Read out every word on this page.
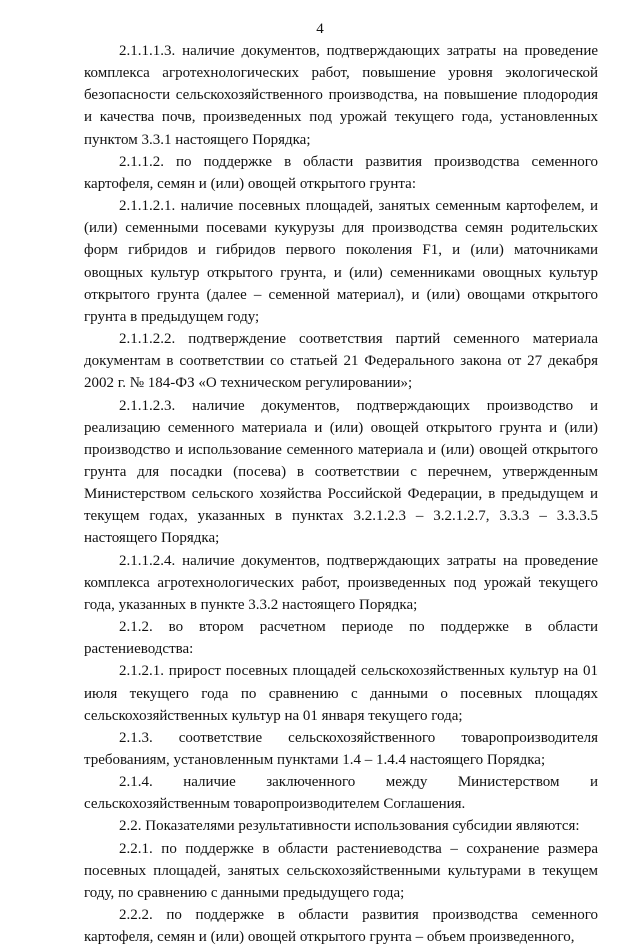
4

2.1.1.1.3. наличие документов, подтверждающих затраты на проведение комплекса агротехнологических работ, повышение уровня экологической безопасности сельскохозяйственного производства, на повышение плодородия и качества почв, произведенных под урожай текущего года, установленных пунктом 3.3.1 настоящего Порядка;

2.1.1.2. по поддержке в области развития производства семенного картофеля, семян и (или) овощей открытого грунта:

2.1.1.2.1. наличие посевных площадей, занятых семенным картофелем, и (или) семенными посевами кукурузы для производства семян родительских форм гибридов и гибридов первого поколения F1, и (или) маточниками овощных культур открытого грунта, и (или) семенниками овощных культур открытого грунта (далее – семенной материал), и (или) овощами открытого грунта в предыдущем году;

2.1.1.2.2. подтверждение соответствия партий семенного материала документам в соответствии со статьей 21 Федерального закона от 27 декабря 2002 г. № 184-ФЗ «О техническом регулировании»;

2.1.1.2.3. наличие документов, подтверждающих производство и реализацию семенного материала и (или) овощей открытого грунта и (или) производство и использование семенного материала и (или) овощей открытого грунта для посадки (посева) в соответствии с перечнем, утвержденным Министерством сельского хозяйства Российской Федерации, в предыдущем и текущем годах, указанных в пунктах 3.2.1.2.3 – 3.2.1.2.7, 3.3.3 – 3.3.3.5 настоящего Порядка;

2.1.1.2.4. наличие документов, подтверждающих затраты на проведение комплекса агротехнологических работ, произведенных под урожай текущего года, указанных в пункте 3.3.2 настоящего Порядка;

2.1.2. во втором расчетном периоде по поддержке в области растениеводства:

2.1.2.1. прирост посевных площадей сельскохозяйственных культур на 01 июля текущего года по сравнению с данными о посевных площадях сельскохозяйственных культур на 01 января текущего года;

2.1.3. соответствие сельскохозяйственного товаропроизводителя требованиям, установленным пунктами 1.4 – 1.4.4 настоящего Порядка;

2.1.4. наличие заключенного между Министерством и сельскохозяйственным товаропроизводителем Соглашения.

2.2. Показателями результативности использования субсидии являются:

2.2.1. по поддержке в области растениеводства – сохранение размера посевных площадей, занятых сельскохозяйственными культурами в текущем году, по сравнению с данными предыдущего года;

2.2.2. по поддержке в области развития производства семенного картофеля, семян и (или) овощей открытого грунта – объем произведенного,
